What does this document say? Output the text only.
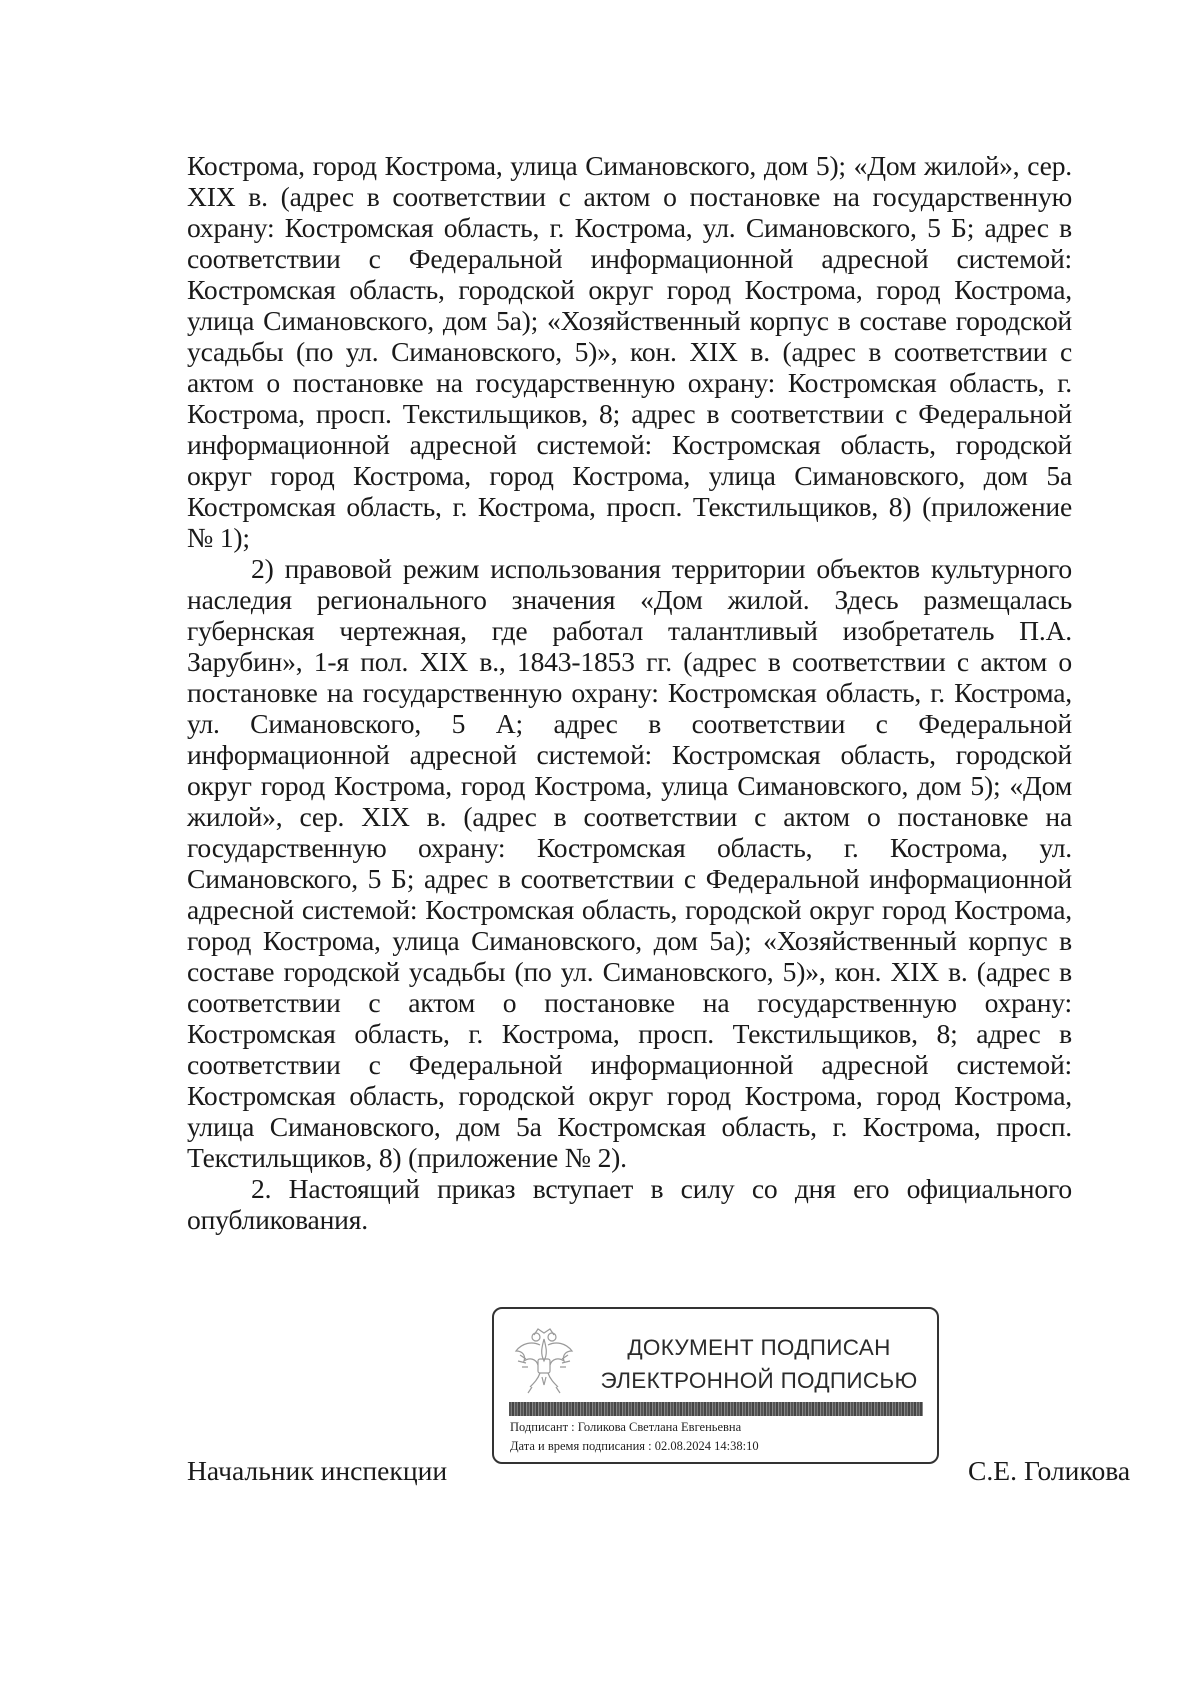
Кострома, город Кострома, улица Симановского, дом 5); «Дом жилой», сер. XIX в. (адрес в соответствии с актом о постановке на государственную охрану: Костромская область, г. Кострома, ул. Симановского, 5 Б; адрес в соответствии с Федеральной информационной адресной системой: Костромская область, городской округ город Кострома, город Кострома, улица Симановского, дом 5а); «Хозяйственный корпус в составе городской усадьбы (по ул. Симановского, 5)», кон. XIX в. (адрес в соответствии с актом о постановке на государственную охрану: Костромская область, г. Кострома, просп. Текстильщиков, 8; адрес в соответствии с Федеральной информационной адресной системой: Костромская область, городской округ город Кострома, город Кострома, улица Симановского, дом 5а Костромская область, г. Кострома, просп. Текстильщиков, 8) (приложение № 1);

2) правовой режим использования территории объектов культурного наследия регионального значения «Дом жилой. Здесь размещалась губернская чертежная, где работал талантливый изобретатель П.А. Зарубин», 1-я пол. XIX в., 1843-1853 гг. (адрес в соответствии с актом о постановке на государственную охрану: Костромская область, г. Кострома, ул. Симановского, 5 А; адрес в соответствии с Федеральной информационной адресной системой: Костромская область, городской округ город Кострома, город Кострома, улица Симановского, дом 5); «Дом жилой», сер. XIX в. (адрес в соответствии с актом о постановке на государственную охрану: Костромская область, г. Кострома, ул. Симановского, 5 Б; адрес в соответствии с Федеральной информационной адресной системой: Костромская область, городской округ город Кострома, город Кострома, улица Симановского, дом 5а); «Хозяйственный корпус в составе городской усадьбы (по ул. Симановского, 5)», кон. XIX в. (адрес в соответствии с актом о постановке на государственную охрану: Костромская область, г. Кострома, просп. Текстильщиков, 8; адрес в соответствии с Федеральной информационной адресной системой: Костромская область, городской округ город Кострома, город Кострома, улица Симановского, дом 5а Костромская область, г. Кострома, просп. Текстильщиков, 8) (приложение № 2).

2. Настоящий приказ вступает в силу со дня его официального опубликования.

ДОКУМЕНТ ПОДПИСАН
ЭЛЕКТРОННОЙ ПОДПИСЬЮ
Подписант : Голикова Светлана Евгеньевна
Дата и время подписания : 02.08.2024 14:38:10
Начальник инспекции	С.Е. Голикова
